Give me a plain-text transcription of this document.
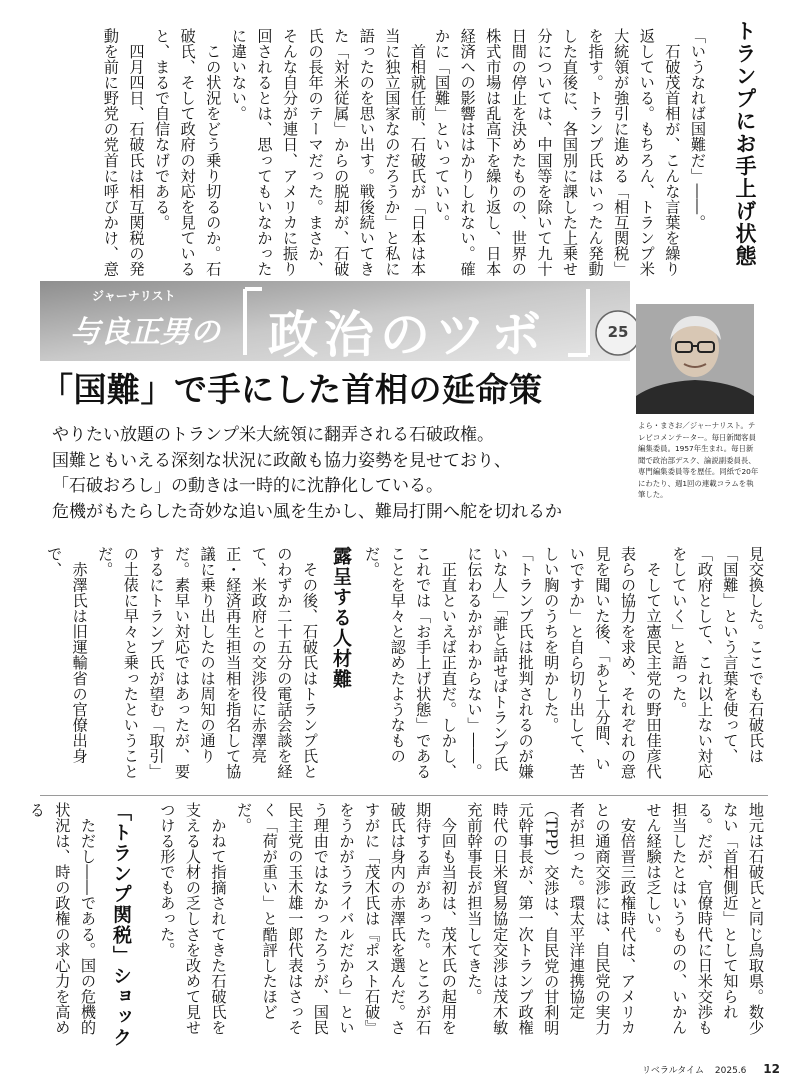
トランプにお手上げ状態
「いうなれば国難だ」――。
　石破茂首相が、こんな言葉を繰り返している。もちろん、トランプ米大統領が強引に進める「相互関税」を指す。トランプ氏はいったん発動した直後に、各国別に課した上乗せ分については、中国等を除いて九十日間の停止を決めたものの、世界の株式市場は乱高下を繰り返し、日本経済への影響ははかりしれない。確かに「国難」といっていい。
　首相就任前、石破氏が「日本は本当に独立国家なのだろうか」と私に語ったのを思い出す。戦後続いてきた「対米従属」からの脱却が、石破氏の長年のテーマだった。まさか、そんな自分が連日、アメリカに振り回されるとは、思ってもいなかったに違いない。
　この状況をどう乗り切るのか。石破氏、そして政府の対応を見ていると、まるで自信なげである。
　四月四日、石破氏は相互関税の発動を前に野党の党首に呼びかけ、意
ジャーナリスト
与良正男の 政治のツボ	25
「国難」で手にした首相の延命策
やりたい放題のトランプ米大統領に翻弄される石破政権。
国難ともいえる深刻な状況に政敵も協力姿勢を見せており、
「石破おろし」の動きは一時的に沈静化している。
危機がもたらした奇妙な追い風を生かし、難局打開へ舵を切れるか
よら・まさお／ジャーナリスト。テレビコメンテーター。毎日新聞客員編集委員。1957年生まれ。毎日新聞で政治部デスク、論説副委員長、専門編集委員等を歴任。同紙で20年にわたり、週1回の連載コラムを執筆した。
見交換した。ここでも石破氏は「国難」という言葉を使って、「政府として、これ以上ない対応をしていく」と語った。
　そして立憲民主党の野田佳彦代表らの協力を求め、それぞれの意見を聞いた後、「あと十分間、いいですか」と自ら切り出して、苦しい胸のうちを明かした。
「トランプ氏は批判されるのが嫌いな人」「誰と話せばトランプ氏に伝わるかがわからない」――。
　正直といえば正直だ。しかし、これでは「お手上げ状態」であることを早々と認めたようなものだ。
露呈する人材難
　その後、石破氏はトランプ氏とのわずか二十五分の電話会談を経て、米政府との交渉役に赤澤亮正・経済再生担当相を指名して協議に乗り出したのは周知の通りだ。素早い対応ではあったが、要するにトランプ氏が望む「取引」の土俵に早々と乗ったということだ。
　赤澤氏は旧運輸省の官僚出身で、
地元は石破氏と同じ鳥取県。数少ない「首相側近」として知られる。だが、官僚時代に日米交渉も担当したとはいうものの、いかんせん経験は乏しい。
　安倍晋三政権時代は、アメリカとの通商交渉には、自民党の実力者が担った。環太平洋連携協定（TPP）交渉は、自民党の甘利明元幹事長が、第一次トランプ政権時代の日米貿易協定交渉は茂木敏充前幹事長が担当してきた。
　今回も当初は、茂木氏の起用を期待する声があった。ところが石破氏は身内の赤澤氏を選んだ。さすがに「茂木氏は『ポスト石破』をうかがうライバルだから」という理由ではなかったろうが、国民民主党の玉木雄一郎代表はさっそく「荷が重い」と酷評したほどだ。
　かねて指摘されてきた石破氏を支える人材の乏しさを改めて見せつける形でもあった。
「トランプ関税」ショック
　ただし――である。国の危機的状況は、時の政権の求心力を高める
リベラルタイム 2025.6 12
